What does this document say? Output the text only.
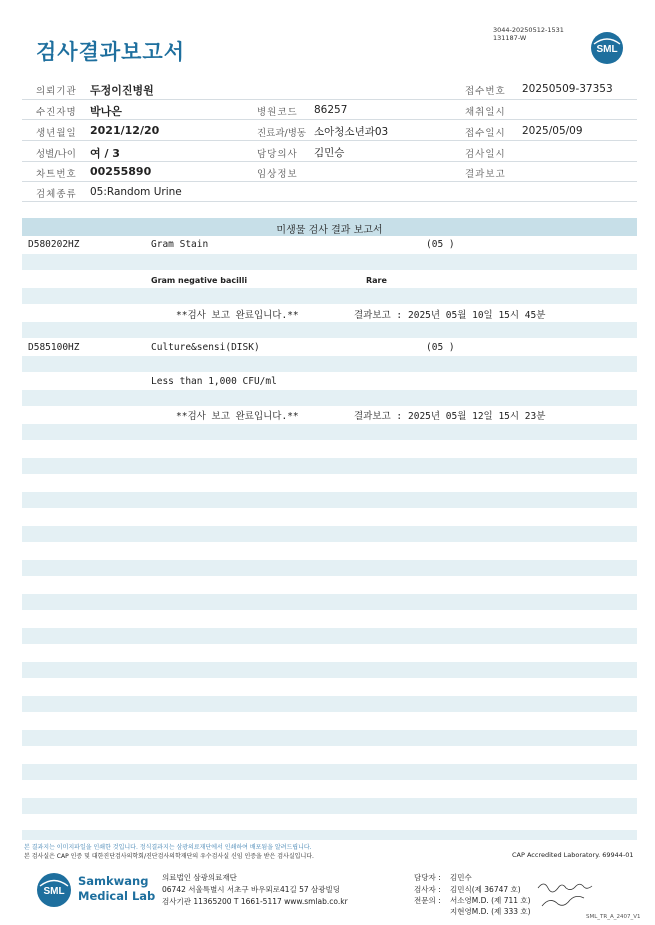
검사결과보고서
3044-20250512-1531
131187-W
SML
의뢰기관 두정이진병원	접수번호 20250509-37353
수진자명 박나은	병원코드 86257	채취일시
생년월일 2021/12/20	진료과/병동 소아청소년과03	접수일시 2025/05/09
성별/나이 여 / 3	담당의사 김민승	검사일시
차트번호 00255890	임상정보	결과보고
검체종류 05:Random Urine
미생물 검사 결과 보고서
D580202HZ	Gram Stain	(05 )
Gram negative bacilli	Rare
**검사 보고 완료입니다.**	결과보고 : 2025년 05월 10일 15시 45분
D585100HZ	Culture&sensi(DISK)	(05 )
Less than 1,000 CFU/ml
**검사 보고 완료입니다.**	결과보고 : 2025년 05월 12일 15시 23분
본 결과지는 이미지파일을 인쇄한 것입니다. 정식결과지는 삼광의료재단에서 인쇄하여 배포됨을 알려드립니다.
본 검사실은 CAP 인증 및 대한진단검사의학회/진단검사의학재단의 우수검사실 신임 인증을 받은 검사실입니다.	CAP Accredited Laboratory. 69944-01
SML
Samkwang
Medical Lab
의료법인 삼광의료재단
06742 서울특별시 서초구 바우뫼로41길 57 삼광빌딩
검사기관 11365200 T 1661-5117 www.smlab.co.kr
담당자 : 김민수
검사자 : 김민식(제 36747 호)
전문의 : 서소영M.D. (제 711 호)
지현영M.D. (제 333 호)
SML_TR_A_2407_V1
